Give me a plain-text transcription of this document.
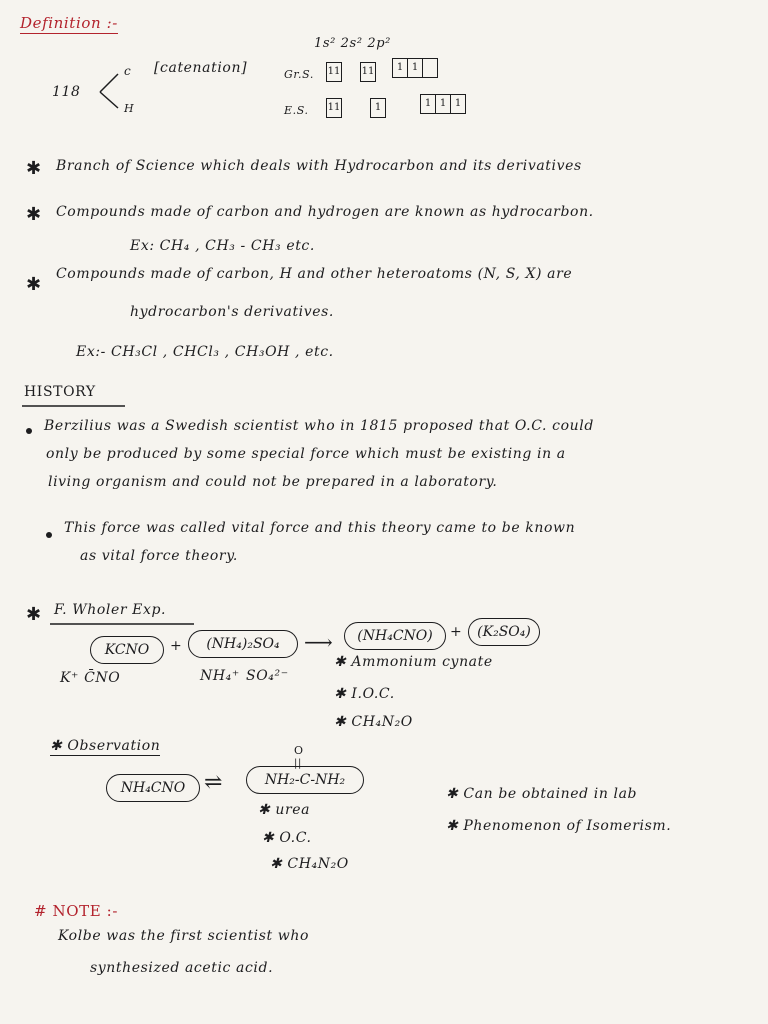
Definition :-
118
c
H
[catenation]
1s² 2s² 2p²
Gr.S.
E.S.
11 11	1 1
11	1	1 1 1
✱ Branch of Science which deals with Hydrocarbon and its derivatives
✱ Compounds made of carbon and hydrogen are known as hydrocarbon.
Ex: CH₄ , CH₃ - CH₃ etc.
✱ Compounds made of carbon, H and other heteroatoms (N, S, X) are
hydrocarbon's derivatives.
Ex:- CH₃Cl , CHCl₃ , CH₃OH , etc.
HISTORY
Berzilius was a Swedish scientist who in 1815 proposed that O.C. could
only be produced by some special force which must be existing in a
living organism and could not be prepared in a laboratory.
This force was called vital force and this theory came to be known
as vital force theory.
✱ F. Wholer Exp.
KCNO	+	(NH₄)₂SO₄	⟶	(NH₄CNO)	+	(K₂SO₄)
K⁺ C̄NO	NH₄⁺ SO₄²⁻
✱ Ammonium cynate
✱ I.O.C.
✱ CH₄N₂O
✱ Observation
NH₄CNO ⇌
O
||
NH₂-C-NH₂
✱ urea
✱ O.C.
✱ CH₄N₂O
✱ Can be obtained in lab
✱ Phenomenon of Isomerism.
# NOTE :-
Kolbe was the first scientist who
synthesized acetic acid.
